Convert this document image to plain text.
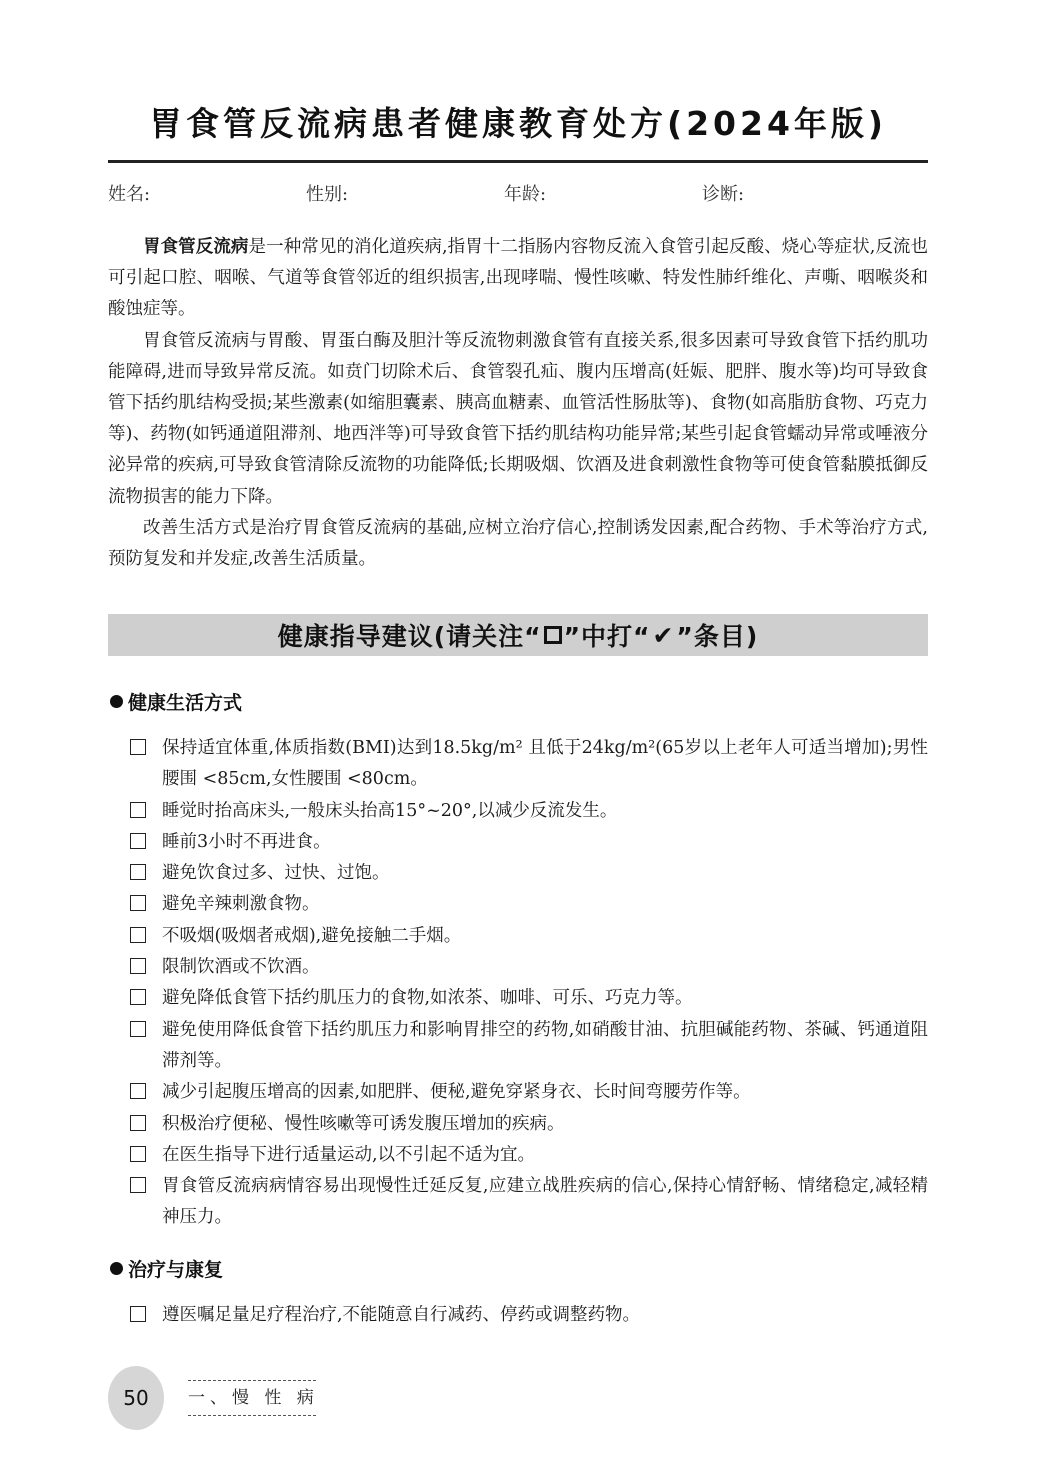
胃食管反流病患者健康教育处方(2024年版)
姓名:	性别:	年龄:	诊断:

胃食管反流病是一种常见的消化道疾病,指胃十二指肠内容物反流入食管引起反酸、烧心等症状,反流也可引起口腔、咽喉、气道等食管邻近的组织损害,出现哮喘、慢性咳嗽、特发性肺纤维化、声嘶、咽喉炎和酸蚀症等。

胃食管反流病与胃酸、胃蛋白酶及胆汁等反流物刺激食管有直接关系,很多因素可导致食管下括约肌功能障碍,进而导致异常反流。如贲门切除术后、食管裂孔疝、腹内压增高(妊娠、肥胖、腹水等)均可导致食管下括约肌结构受损;某些激素(如缩胆囊素、胰高血糖素、血管活性肠肽等)、食物(如高脂肪食物、巧克力等)、药物(如钙通道阻滞剂、地西泮等)可导致食管下括约肌结构功能异常;某些引起食管蠕动异常或唾液分泌异常的疾病,可导致食管清除反流物的功能降低;长期吸烟、饮酒及进食刺激性食物等可使食管黏膜抵御反流物损害的能力下降。

改善生活方式是治疗胃食管反流病的基础,应树立治疗信心,控制诱发因素,配合药物、手术等治疗方式,预防复发和并发症,改善生活质量。

健康指导建议(请关注“ ”中打“ ✔ ”条目)
健康生活方式
保持适宜体重,体质指数(BMI)达到18.5kg/m² 且低于24kg/m²(65岁以上老年人可适当增加);男性腰围 <85cm,女性腰围 <80cm。
睡觉时抬高床头,一般床头抬高15°~20°,以减少反流发生。
睡前3小时不再进食。
避免饮食过多、过快、过饱。
避免辛辣刺激食物。
不吸烟(吸烟者戒烟),避免接触二手烟。
限制饮酒或不饮酒。
避免降低食管下括约肌压力的食物,如浓茶、咖啡、可乐、巧克力等。
避免使用降低食管下括约肌压力和影响胃排空的药物,如硝酸甘油、抗胆碱能药物、茶碱、钙通道阻滞剂等。
减少引起腹压增高的因素,如肥胖、便秘,避免穿紧身衣、长时间弯腰劳作等。
积极治疗便秘、慢性咳嗽等可诱发腹压增加的疾病。
在医生指导下进行适量运动,以不引起不适为宜。
胃食管反流病病情容易出现慢性迁延反复,应建立战胜疾病的信心,保持心情舒畅、情绪稳定,减轻精神压力。
治疗与康复
遵医嘱足量足疗程治疗,不能随意自行减药、停药或调整药物。
50	一、慢 性 病
